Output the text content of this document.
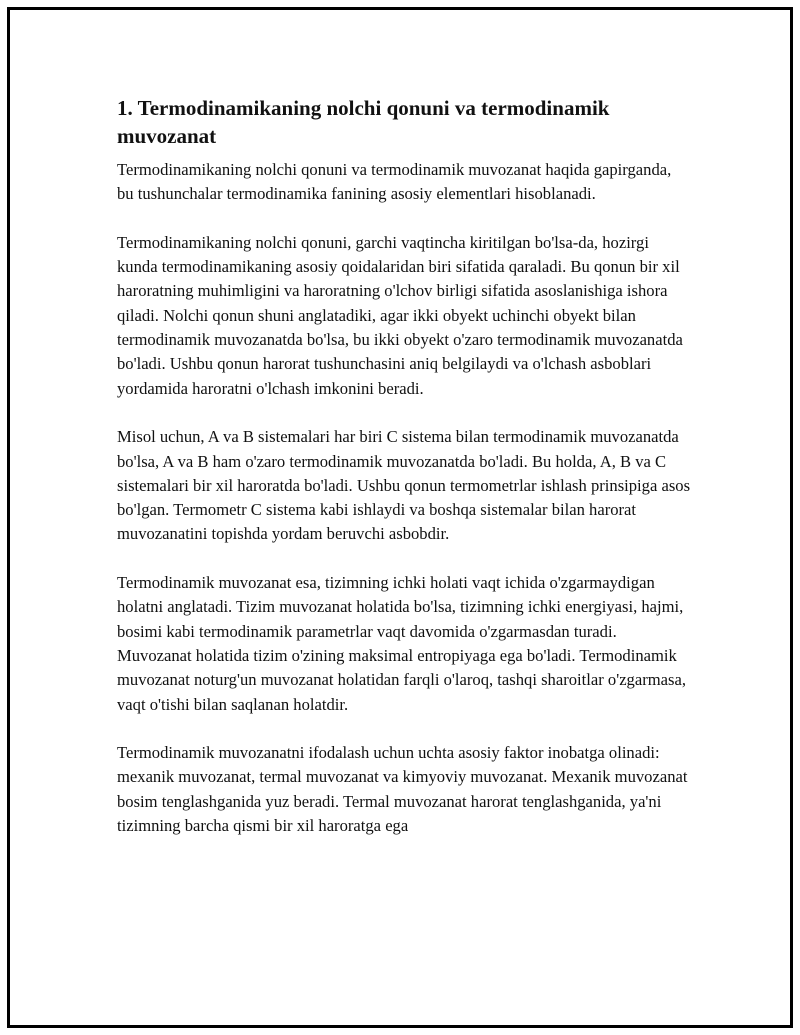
1. Termodinamikaning nolchi qonuni va termodinamik muvozanat

Termodinamikaning nolchi qonuni va termodinamik muvozanat haqida gapirganda, bu tushunchalar termodinamika fanining asosiy elementlari hisoblanadi.

Termodinamikaning nolchi qonuni, garchi vaqtincha kiritilgan bo'lsa-da, hozirgi kunda termodinamikaning asosiy qoidalaridan biri sifatida qaraladi. Bu qonun bir xil haroratning muhimligini va haroratning o'lchov birligi sifatida asoslanishiga ishora qiladi. Nolchi qonun shuni anglatadiki, agar ikki obyekt uchinchi obyekt bilan termodinamik muvozanatda bo'lsa, bu ikki obyekt o'zaro termodinamik muvozanatda bo'ladi. Ushbu qonun harorat tushunchasini aniq belgilaydi va o'lchash asboblari yordamida haroratni o'lchash imkonini beradi.

Misol uchun, A va B sistemalari har biri C sistema bilan termodinamik muvozanatda bo'lsa, A va B ham o'zaro termodinamik muvozanatda bo'ladi. Bu holda, A, B va C sistemalari bir xil haroratda bo'ladi. Ushbu qonun termometrlar ishlash prinsipiga asos bo'lgan. Termometr C sistema kabi ishlaydi va boshqa sistemalar bilan harorat muvozanatini topishda yordam beruvchi asbobdir.

Termodinamik muvozanat esa, tizimning ichki holati vaqt ichida o'zgarmaydigan holatni anglatadi. Tizim muvozanat holatida bo'lsa, tizimning ichki energiyasi, hajmi, bosimi kabi termodinamik parametrlar vaqt davomida o'zgarmasdan turadi. Muvozanat holatida tizim o'zining maksimal entropiyaga ega bo'ladi. Termodinamik muvozanat noturg'un muvozanat holatidan farqli o'laroq, tashqi sharoitlar o'zgarmasa, vaqt o'tishi bilan saqlanan holatdir.

Termodinamik muvozanatni ifodalash uchun uchta asosiy faktor inobatga olinadi: mexanik muvozanat, termal muvozanat va kimyoviy muvozanat. Mexanik muvozanat bosim tenglashganida yuz beradi. Termal muvozanat harorat tenglashganida, ya'ni tizimning barcha qismi bir xil haroratga ega
